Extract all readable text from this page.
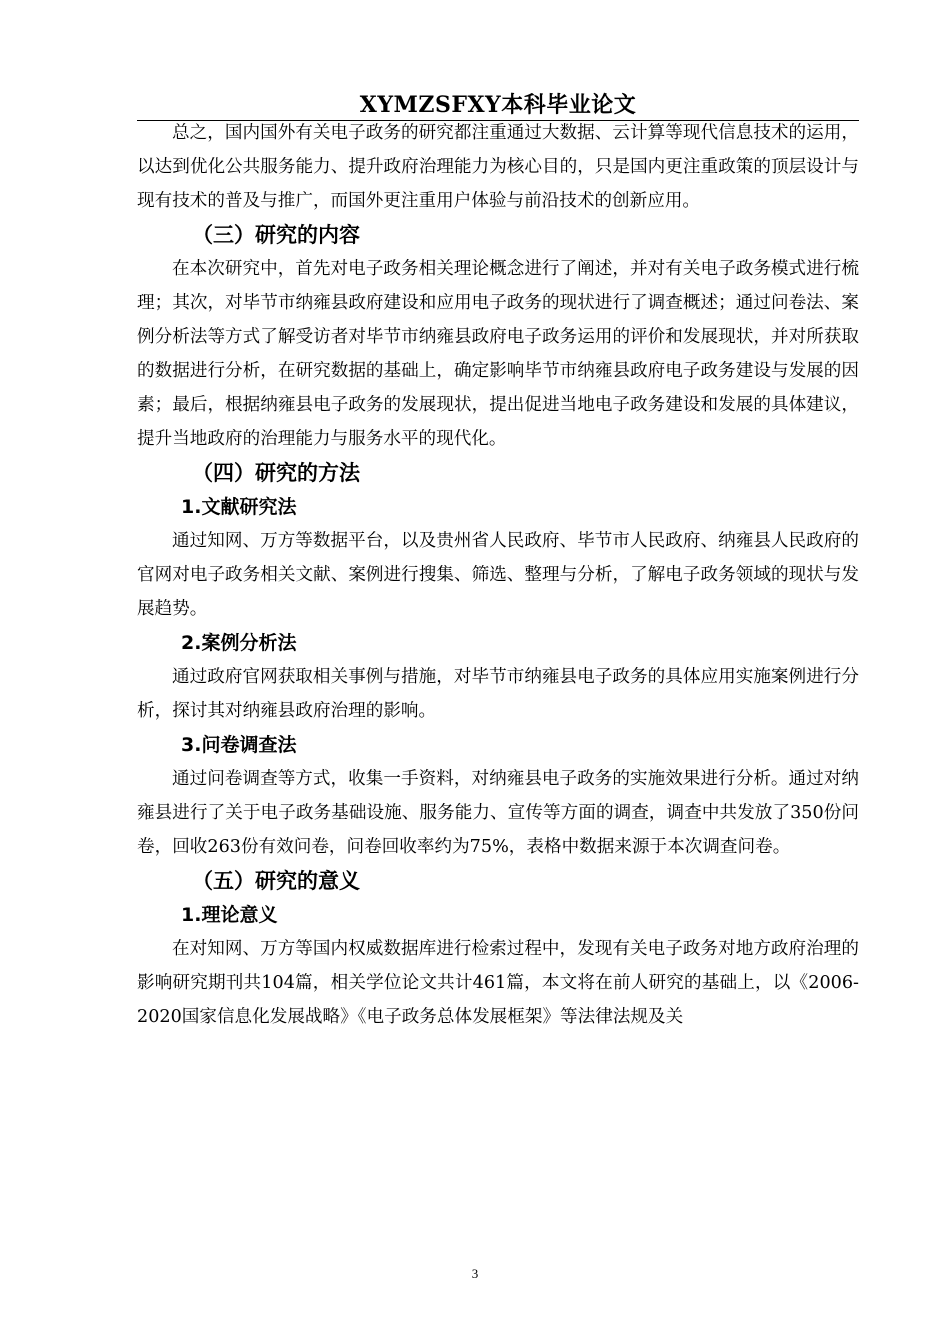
XYMZSFXY本科毕业论文

总之，国内国外有关电子政务的研究都注重通过大数据、云计算等现代信息技术的运用，以达到优化公共服务能力、提升政府治理能力为核心目的，只是国内更注重政策的顶层设计与现有技术的普及与推广，而国外更注重用户体验与前沿技术的创新应用。

（三）研究的内容

在本次研究中，首先对电子政务相关理论概念进行了阐述，并对有关电子政务模式进行梳理；其次，对毕节市纳雍县政府建设和应用电子政务的现状进行了调查概述；通过问卷法、案例分析法等方式了解受访者对毕节市纳雍县政府电子政务运用的评价和发展现状，并对所获取的数据进行分析，在研究数据的基础上，确定影响毕节市纳雍县政府电子政务建设与发展的因素；最后，根据纳雍县电子政务的发展现状，提出促进当地电子政务建设和发展的具体建议，提升当地政府的治理能力与服务水平的现代化。

（四）研究的方法
1.文献研究法

通过知网、万方等数据平台，以及贵州省人民政府、毕节市人民政府、纳雍县人民政府的官网对电子政务相关文献、案例进行搜集、筛选、整理与分析，了解电子政务领域的现状与发展趋势。

2.案例分析法

通过政府官网获取相关事例与措施，对毕节市纳雍县电子政务的具体应用实施案例进行分析，探讨其对纳雍县政府治理的影响。

3.问卷调查法

通过问卷调查等方式，收集一手资料，对纳雍县电子政务的实施效果进行分析。通过对纳雍县进行了关于电子政务基础设施、服务能力、宣传等方面的调查，调查中共发放了350份问卷，回收263份有效问卷，问卷回收率约为75%，表格中数据来源于本次调查问卷。

（五）研究的意义
1.理论意义

在对知网、万方等国内权威数据库进行检索过程中，发现有关电子政务对地方政府治理的影响研究期刊共104篇，相关学位论文共计461篇，本文将在前人研究的基础上，以《2006-2020国家信息化发展战略》《电子政务总体发展框架》等法律法规及关

3
